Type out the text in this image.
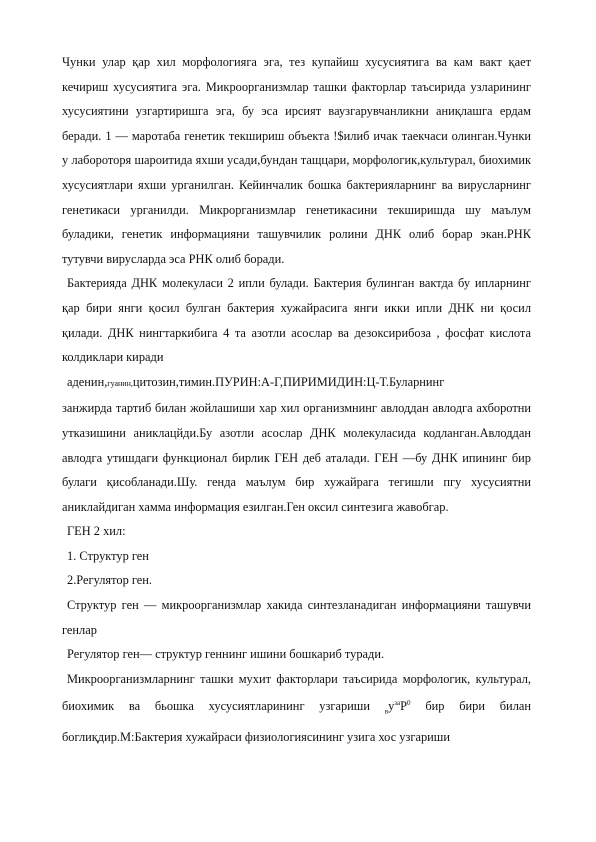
Чунки улар қар хил морфологияга эга, тез купайиш хусусиятига ва кам вакт қает кечириш хусусиятига эга. Микроорганизмлар ташки факторлар таъсирида узларининг хусусиятини узгартиришга эга, бу эса ирсият ваузгарувчанликни аниқлашга ердам беради. 1 — маротаба генетик текшириш объекта !$илиб ичак таекчаси олинган.Чунки у лабороторя шароитида яхши усади,бундан тащцари, морфологик,культурал, биохимик хусусиятлари яхши урганилган. Кейинчалик бошка бактерияларнинг ва вирусларнинг генетикаси урганилди. Микрорганизмлар генетикасини текширишда шу маълум буладики, генетик информацияни ташувчилик ролини ДНК олиб борар экан.РНК тутувчи вирусларда эса РНК олиб боради.

Бактерияда ДНК молекуласи 2 ипли булади. Бактерия булинган вактда бу ипларнинг қар бири янги қосил булган бактерия хужайрасига янги икки ипли ДНК ни қосил қилади. ДНК нингтаркибига 4 та азотли асослар ва дезоксирибоза , фосфат кислота колдиклари киради

аденин,гуанин,цитозин,тимин.ПУРИН:А-Г,ПИРИМИДИН:Ц-Т.Буларнинг

занжирда тартиб билан жойлашиши хар хил организмнинг авлоддан авлодга ахборотни утказишини аниклацйди.Бу азотли асослар ДНК молекуласида кодланган.Авлоддан авлодга утишдаги функционал бирлик ГЕН деб аталади. ГЕН —бу ДНК ипининг бир булаги қисобланади.Шу. генда маълум бир хужайрага тегишли пгу хусусиятни аниклайдиган хамма информация езилган.Ген оксил синтезига жавобгар.

ГЕН 2 хил:

1. Структур ген

2.Регулятор ген.

Структур ген — микроорганизмлар хакида синтезланадиган информацияни ташувчи генлар

Регулятор ген— структур геннинг ишини бошкариб туради.

Микроорганизмларнинг ташки мухит факторлари таъсирида морфологик, культурал, биохимик ва бьошка хусусиятларининг узгариши $_ву^{за}Р^0$ бир бири билан боглиқдир.М:Бактерия хужайраси физиологиясининг узига хос узгариши
